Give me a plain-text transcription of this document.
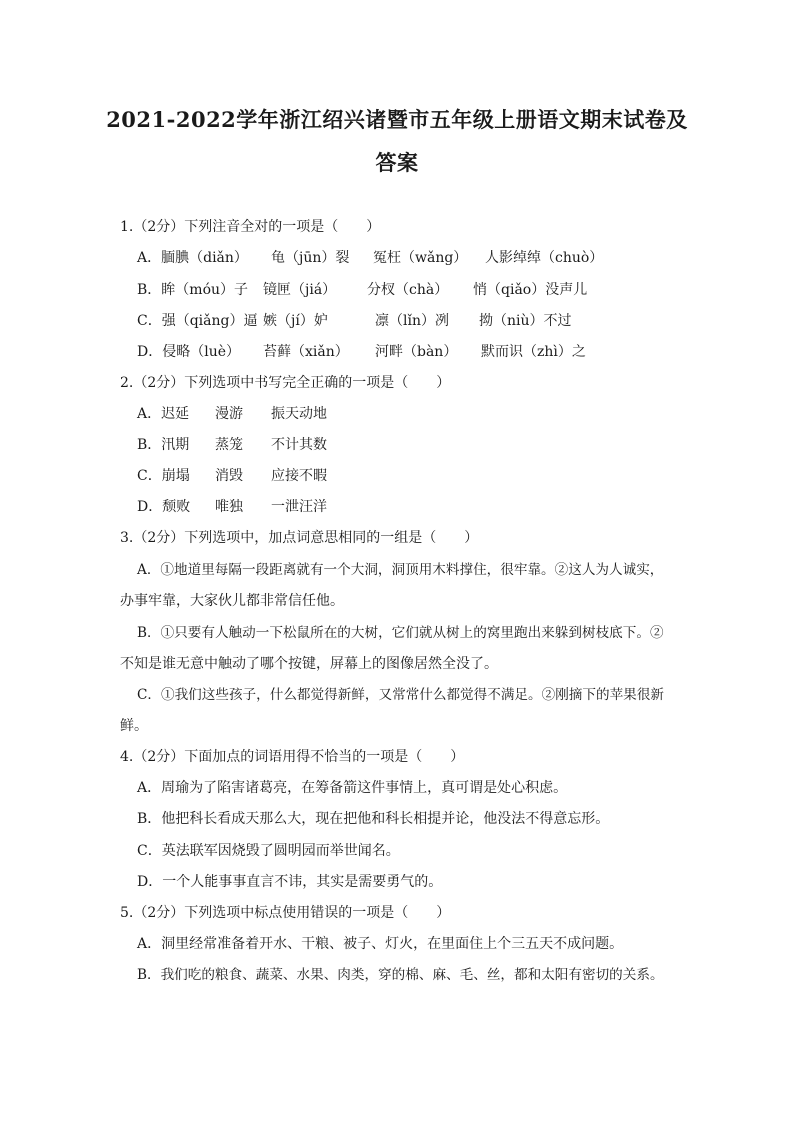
2021-2022学年浙江绍兴诸暨市五年级上册语文期末试卷及
答案
1.（2分）下列注音全对的一项是（　　）
A．腼腆（diǎn） 龟（jūn）裂 冤枉（wǎng） 人影绰绰（chuò）
B．眸（móu）子 镜匣（jiá） 分杈（chà） 悄（qiǎo）没声儿
C．强（qiǎng）逼 嫉（jí）妒	凛（lǐn）冽 拗（niù）不过
D．侵略（luè） 苔藓（xiǎn） 河畔（bàn） 默而识（zhì）之
2.（2分）下列选项中书写完全正确的一项是（　　）
A．迟延 漫游 振天动地
B．汛期 蒸笼 不计其数
C．崩塌 消毁 应接不暇
D．颓败 唯独 一泄汪洋
3.（2分）下列选项中，加点词意思相同的一组是（　　）
A．①地道里每隔一段距离就有一个大洞，洞顶用木料撑住，很牢靠。②这人为人诚实，
办事牢靠，大家伙儿都非常信任他。
B．①只要有人触动一下松鼠所在的大树，它们就从树上的窝里跑出来躲到树枝底下。②
不知是谁无意中触动了哪个按键，屏幕上的图像居然全没了。
C．①我们这些孩子，什么都觉得新鲜，又常常什么都觉得不满足。②刚摘下的苹果很新
鲜。
4.（2分）下面加点的词语用得不恰当的一项是（　　）
A．周瑜为了陷害诸葛亮，在筹备箭这件事情上，真可谓是处心积虑。
B．他把科长看成天那么大，现在把他和科长相提并论，他没法不得意忘形。
C．英法联军因烧毁了圆明园而举世闻名。
D．一个人能事事直言不讳，其实是需要勇气的。
5.（2分）下列选项中标点使用错误的一项是（　　）
A．洞里经常准备着开水、干粮、被子、灯火，在里面住上个三五天不成问题。
B．我们吃的粮食、蔬菜、水果、肉类，穿的棉、麻、毛、丝，都和太阳有密切的关系。
